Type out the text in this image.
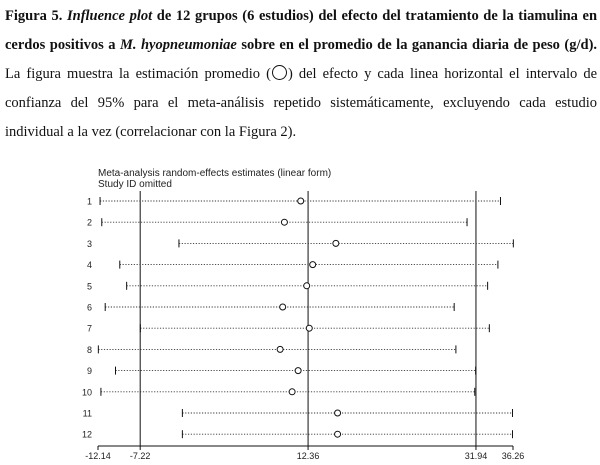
Figura 5. Influence plot de 12 grupos (6 estudios) del efecto del tratamiento de la tiamulina en cerdos positivos a M. hyopneumoniae sobre en el promedio de la ganancia diaria de peso (g/d). La figura muestra la estimación promedio ( ) del efecto y cada linea horizontal el intervalo de confianza del 95% para el meta-análisis repetido sistemáticamente, excluyendo cada estudio individual a la vez (correlacionar con la Figura 2).
Meta-analysis random-effects estimates (linear form)
Study ID omitted
-12.14 -7.22	12.36	31.94 36.26
1
2
3
4
5
6
7
8
9
10
11
12
